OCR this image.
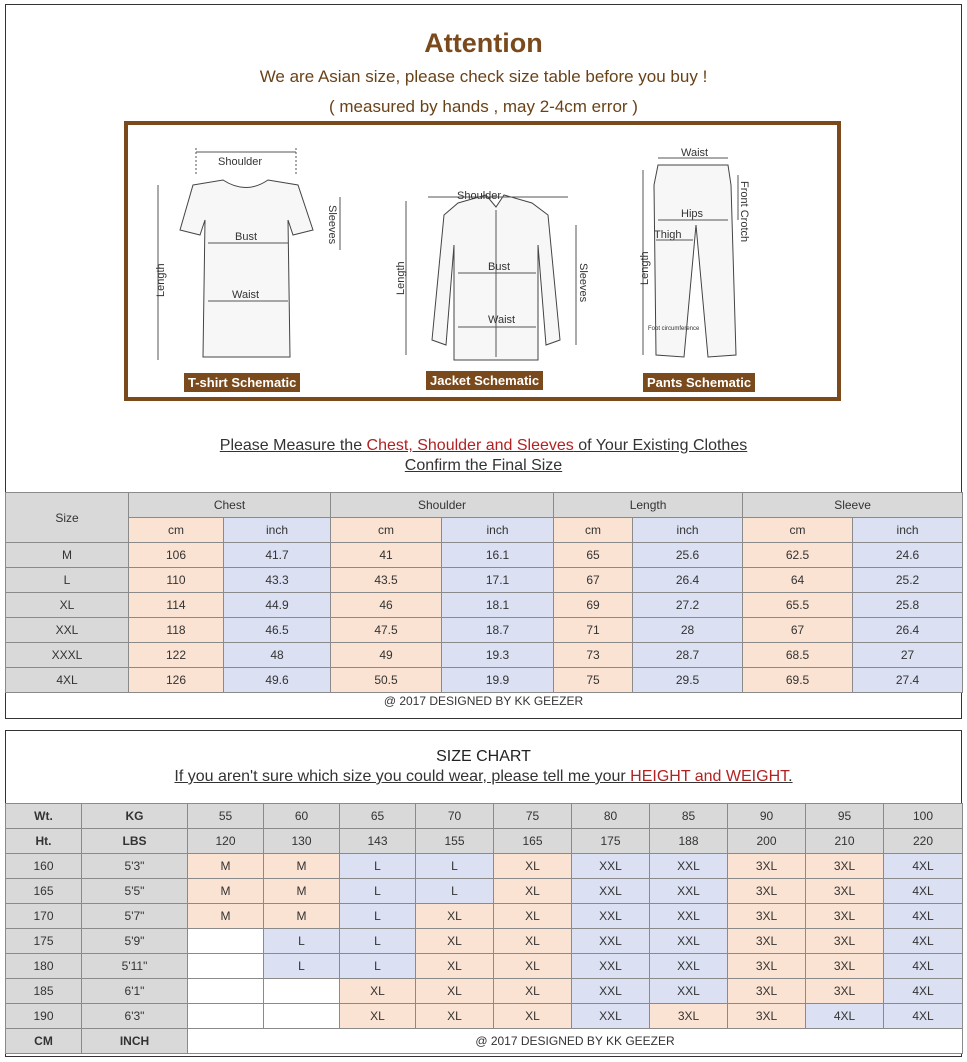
Attention
We are Asian size, please check size table before you buy !
( measured by hands , may 2-4cm error )
Shoulder
Bust
Waist
Sleeves
Length
Shoulder
Bust
Waist
Length	Sleeves
Waist
Hips
Thigh	Front Crotch
Length
Foot circumference
T-shirt Schematic	Jacket Schematic	Pants Schematic
Please Measure the Chest, Shoulder and Sleeves of Your Existing Clothes
Confirm the Final Size
Size	Chest		Shoulder		Length		Sleeve	
	cm	inch	cm	inch	cm	inch	cm	inch
M	106	41.7	41	16.1	65	25.6	62.5	24.6
L	110	43.3	43.5	17.1	67	26.4	64	25.2
XL	114	44.9	46	18.1	69	27.2	65.5	25.8
XXL	118	46.5	47.5	18.7	71	28	67	26.4
XXXL	122	48	49	19.3	73	28.7	68.5	27
4XL	126	49.6	50.5	19.9	75	29.5	69.5	27.4
@ 2017 DESIGNED BY KK GEEZER
SIZE CHART
If you aren't sure which size you could wear, please tell me your HEIGHT and WEIGHT.
Wt.	KG	55	60	65	70	75	80	85	90	95	100
Ht.	LBS	120	130	143	155	165	175	188	200	210	220
160	5'3"	M	M	L	L	XL	XXL	XXL	3XL	3XL	4XL
165	5'5"	M	M	L	L	XL	XXL	XXL	3XL	3XL	4XL
170	5'7"	M	M	L	XL	XL	XXL	XXL	3XL	3XL	4XL
175	5'9"		L	L	XL	XL	XXL	XXL	3XL	3XL	4XL
180	5'11"		L	L	XL	XL	XXL	XXL	3XL	3XL	4XL
185	6'1"			XL	XL	XL	XXL	XXL	3XL	3XL	4XL
190	6'3"			XL	XL	XL	XXL	3XL	3XL	4XL	4XL
CM	INCH	@ 2017 DESIGNED BY KK GEEZER									
